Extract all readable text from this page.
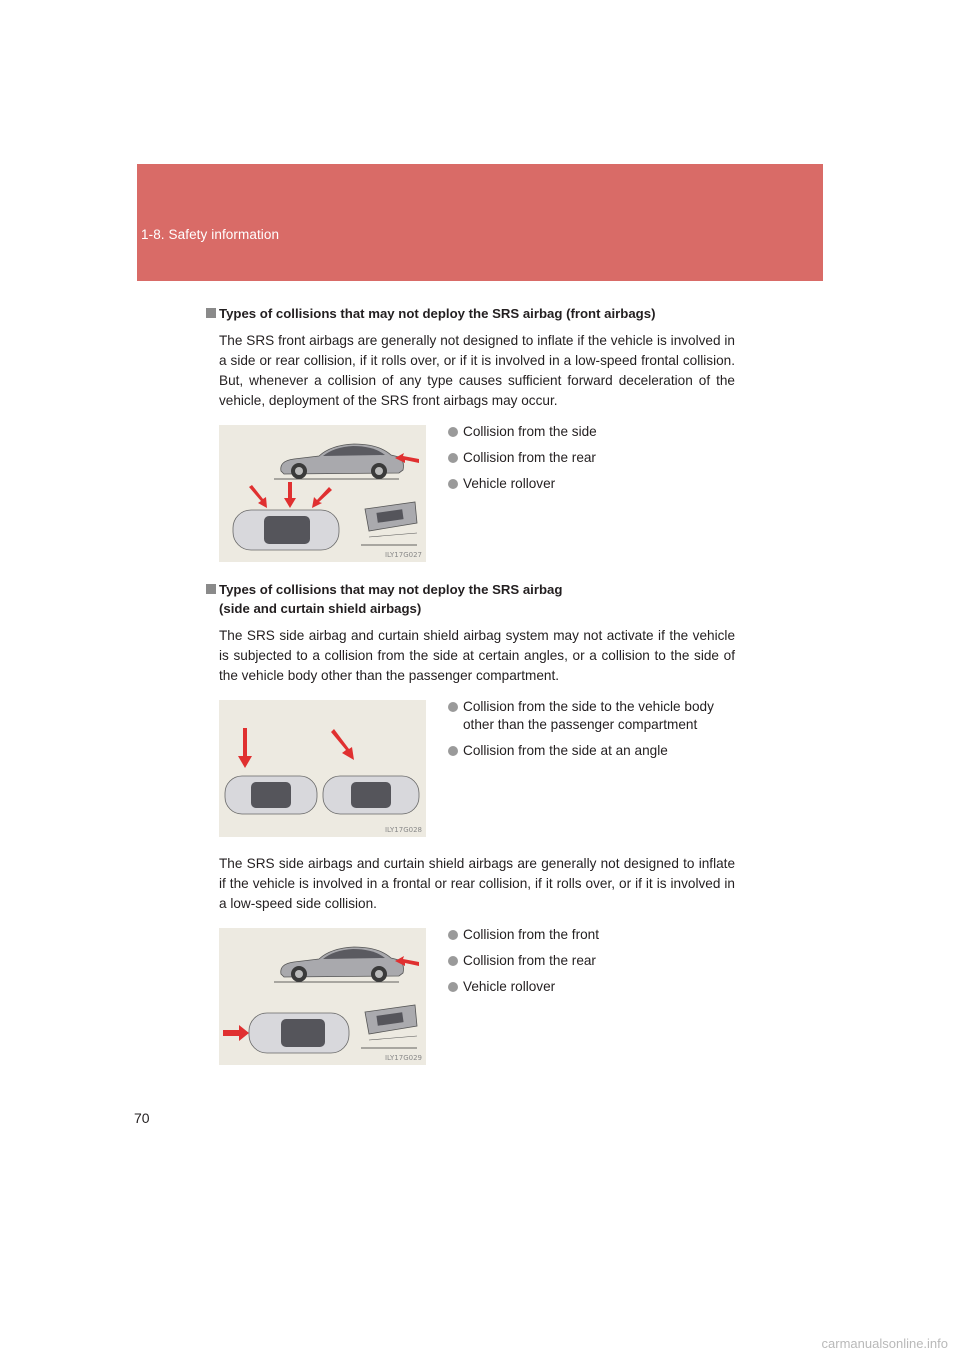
1-8. Safety information
Types of collisions that may not deploy the SRS airbag (front airbags)
The SRS front airbags are generally not designed to inflate if the vehicle is involved in a side or rear collision, if it rolls over, or if it is involved in a low-speed frontal collision. But, whenever a collision of any type causes sufficient forward deceleration of the vehicle, deployment of the SRS front airbags may occur.
ILY17G027
Collision from the side
Collision from the rear
Vehicle rollover
Types of collisions that may not deploy the SRS airbag
(side and curtain shield airbags)
The SRS side airbag and curtain shield airbag system may not activate if the vehicle is subjected to a collision from the side at certain angles, or a collision to the side of the vehicle body other than the passenger compartment.
ILY17G028
Collision from the side to the vehicle body other than the passenger compartment
Collision from the side at an angle
The SRS side airbags and curtain shield airbags are generally not designed to inflate if the vehicle is involved in a frontal or rear collision, if it rolls over, or if it is involved in a low-speed side collision.
ILY17G029
Collision from the front
Collision from the rear
Vehicle rollover
70
carmanualsonline.info
